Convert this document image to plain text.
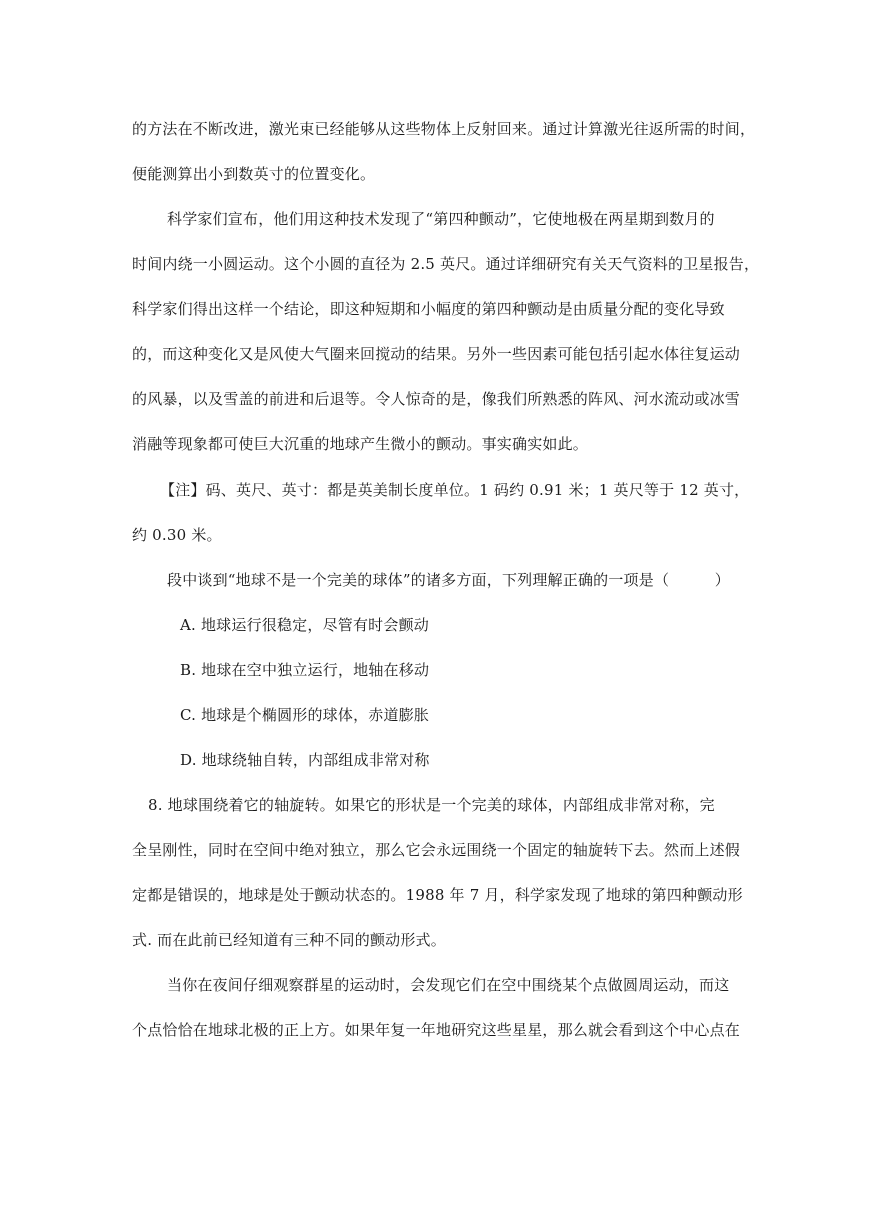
的方法在不断改进，激光束已经能够从这些物体上反射回来。通过计算激光往返所需的时间，
便能测算出小到数英寸的位置变化。
科学家们宣布，他们用这种技术发现了“第四种颤动”，它使地极在两星期到数月的
时间内绕一小圆运动。这个小圆的直径为 2.5 英尺。通过详细研究有关天气资料的卫星报告，
科学家们得出这样一个结论，即这种短期和小幅度的第四种颤动是由质量分配的变化导致
的，而这种变化又是风使大气圈来回搅动的结果。另外一些因素可能包括引起水体往复运动
的风暴，以及雪盖的前进和后退等。令人惊奇的是，像我们所熟悉的阵风、河水流动或冰雪
消融等现象都可使巨大沉重的地球产生微小的颤动。事实确实如此。
【注】码、英尺、英寸：都是英美制长度单位。1 码约 0.91 米；1 英尺等于 12 英寸，
约 0.30 米。
段中谈到“地球不是一个完美的球体”的诸多方面，下列理解正确的一项是（　　　）
A. 地球运行很稳定，尽管有时会颤动
B. 地球在空中独立运行，地轴在移动
C. 地球是个椭圆形的球体，赤道膨胀
D. 地球绕轴自转，内部组成非常对称
8. 地球围绕着它的轴旋转。如果它的形状是一个完美的球体，内部组成非常对称，完
全呈刚性，同时在空间中绝对独立，那么它会永远围绕一个固定的轴旋转下去。然而上述假
定都是错误的，地球是处于颤动状态的。1988 年 7 月，科学家发现了地球的第四种颤动形
式. 而在此前已经知道有三种不同的颤动形式。
当你在夜间仔细观察群星的运动时，会发现它们在空中围绕某个点做圆周运动，而这
个点恰恰在地球北极的正上方。如果年复一年地研究这些星星，那么就会看到这个中心点在
